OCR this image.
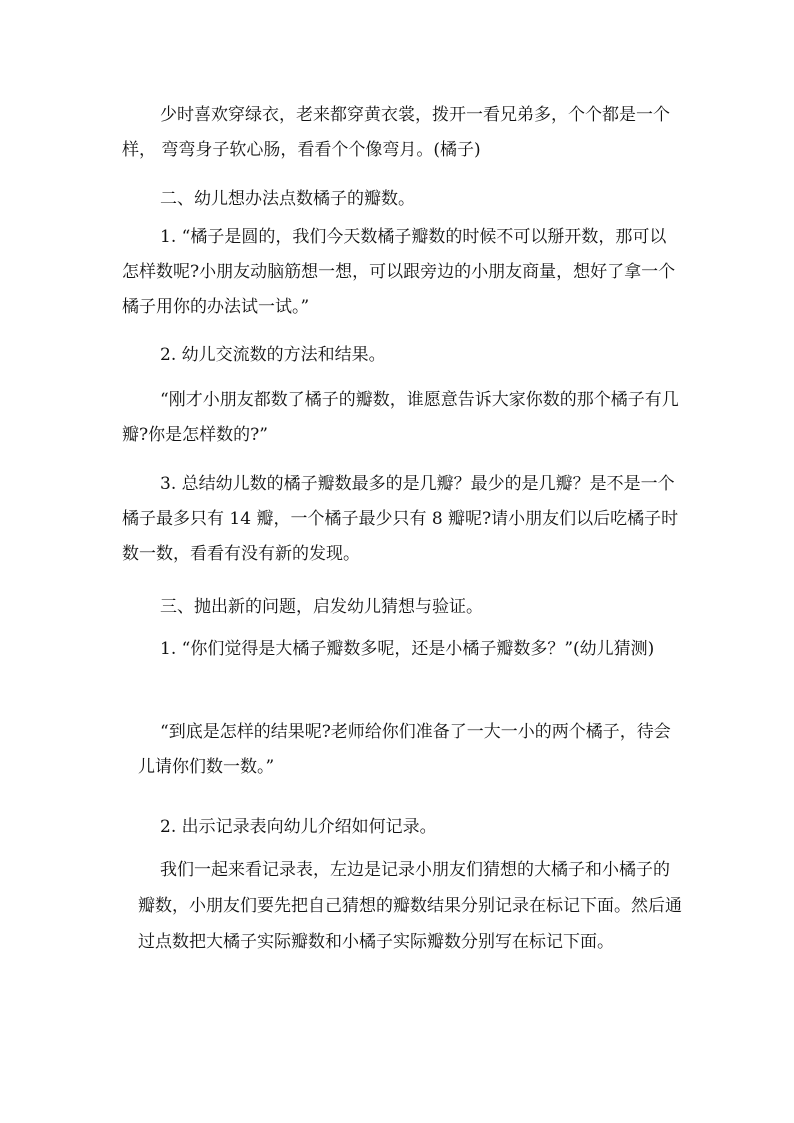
少时喜欢穿绿衣，老来都穿黄衣裳，拨开一看兄弟多，个个都是一个样， 弯弯身子软心肠，看看个个像弯月。(橘子)

二、幼儿想办法点数橘子的瓣数。

1. “橘子是圆的，我们今天数橘子瓣数的时候不可以掰开数，那可以怎样数呢?小朋友动脑筋想一想，可以跟旁边的小朋友商量，想好了拿一个橘子用你的办法试一试。”

2. 幼儿交流数的方法和结果。

“刚才小朋友都数了橘子的瓣数，谁愿意告诉大家你数的那个橘子有几瓣?你是怎样数的?”

3. 总结幼儿数的橘子瓣数最多的是几瓣？最少的是几瓣？是不是一个橘子最多只有 14 瓣，一个橘子最少只有 8 瓣呢?请小朋友们以后吃橘子时数一数，看看有没有新的发现。

三、抛出新的问题，启发幼儿猜想与验证。

1. “你们觉得是大橘子瓣数多呢，还是小橘子瓣数多？”(幼儿猜测)

“到底是怎样的结果呢?老师给你们准备了一大一小的两个橘子，待会儿请你们数一数。”

2. 出示记录表向幼儿介绍如何记录。

我们一起来看记录表，左边是记录小朋友们猜想的大橘子和小橘子的瓣数，小朋友们要先把自己猜想的瓣数结果分别记录在标记下面。然后通过点数把大橘子实际瓣数和小橘子实际瓣数分别写在标记下面。
